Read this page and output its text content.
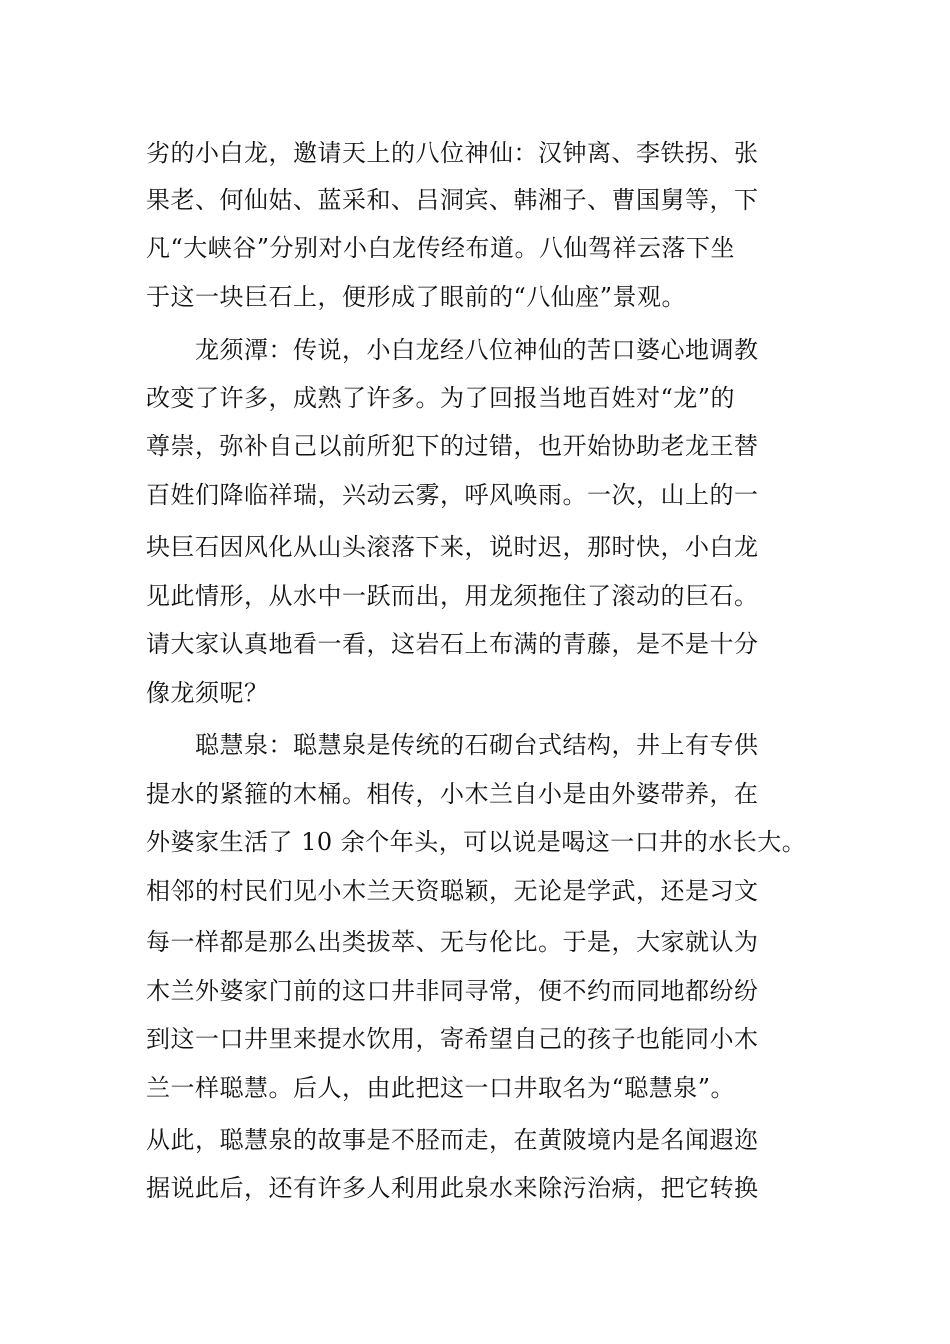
劣的小白龙，邀请天上的八位神仙：汉钟离、李铁拐、张
果老、何仙姑、蓝采和、吕洞宾、韩湘子、曹国舅等，下
凡“大峡谷”分别对小白龙传经布道。八仙驾祥云落下坐
于这一块巨石上，便形成了眼前的“八仙座”景观。
　　龙须潭：传说，小白龙经八位神仙的苦口婆心地调教
改变了许多，成熟了许多。为了回报当地百姓对“龙”的
尊崇，弥补自己以前所犯下的过错，也开始协助老龙王替
百姓们降临祥瑞，兴动云雾，呼风唤雨。一次，山上的一
块巨石因风化从山头滚落下来，说时迟，那时快，小白龙
见此情形，从水中一跃而出，用龙须拖住了滚动的巨石。
请大家认真地看一看，这岩石上布满的青藤，是不是十分
像龙须呢？
　　聪慧泉：聪慧泉是传统的石砌台式结构，井上有专供
提水的紧箍的木桶。相传，小木兰自小是由外婆带养，在
外婆家生活了 10 余个年头，可以说是喝这一口井的水长大。
相邻的村民们见小木兰天资聪颖，无论是学武，还是习文
每一样都是那么出类拔萃、无与伦比。于是，大家就认为
木兰外婆家门前的这口井非同寻常，便不约而同地都纷纷
到这一口井里来提水饮用，寄希望自己的孩子也能同小木
兰一样聪慧。后人，由此把这一口井取名为“聪慧泉”。
从此，聪慧泉的故事是不胫而走，在黄陂境内是名闻遐迩
据说此后，还有许多人利用此泉水来除污治病，把它转换
